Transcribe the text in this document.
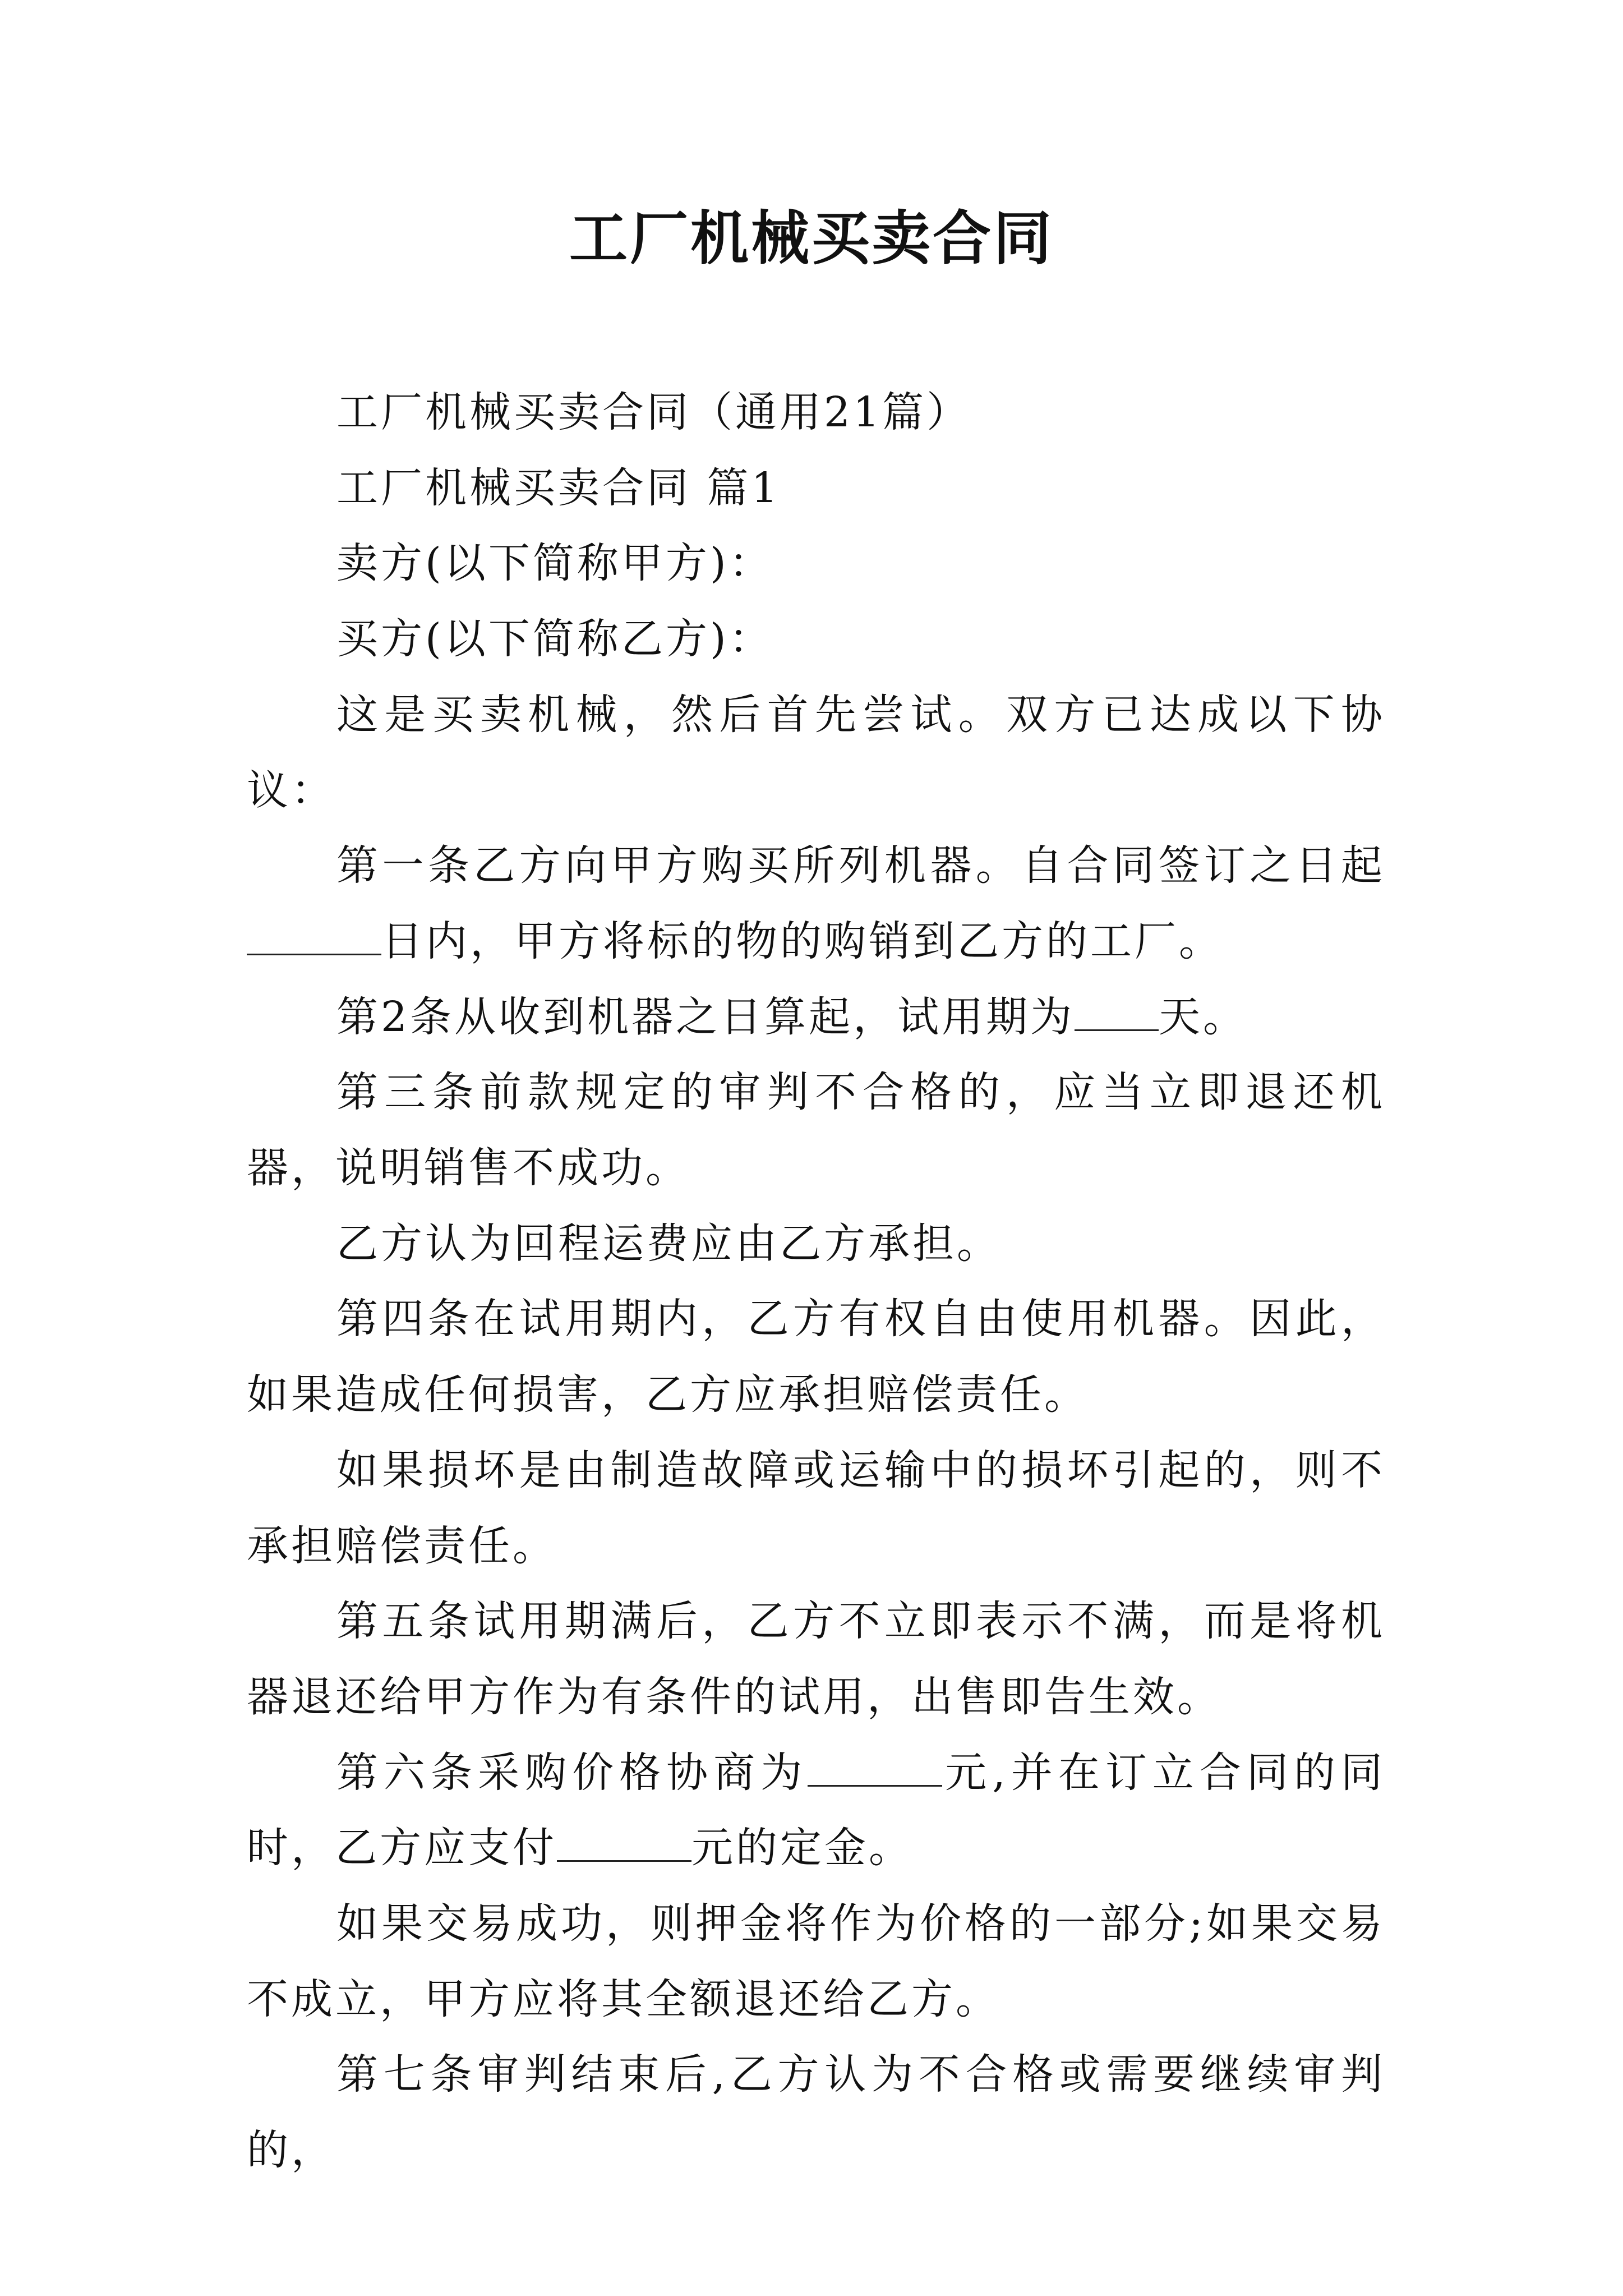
工厂机械买卖合同

工厂机械买卖合同（通用21篇）

工厂机械买卖合同 篇1

卖方(以下简称甲方)：

买方(以下简称乙方)：

这是买卖机械，然后首先尝试。双方已达成以下协议：

第一条乙方向甲方购买所列机器。自合同签订之日起日内，甲方将标的物的购销到乙方的工厂。

第2条从收到机器之日算起，试用期为 天。

第三条前款规定的审判不合格的，应当立即退还机器，说明销售不成功。

乙方认为回程运费应由乙方承担。

第四条在试用期内，乙方有权自由使用机器。因此，如果造成任何损害，乙方应承担赔偿责任。

如果损坏是由制造故障或运输中的损坏引起的，则不承担赔偿责任。

第五条试用期满后，乙方不立即表示不满，而是将机器退还给甲方作为有条件的试用，出售即告生效。

第六条采购价格协商为	元,并在订立合同的同时，乙方应支付	元的定金。

如果交易成功，则押金将作为价格的一部分;如果交易不成立，甲方应将其全额退还给乙方。

第七条审判结束后,乙方认为不合格或需要继续审判的，
